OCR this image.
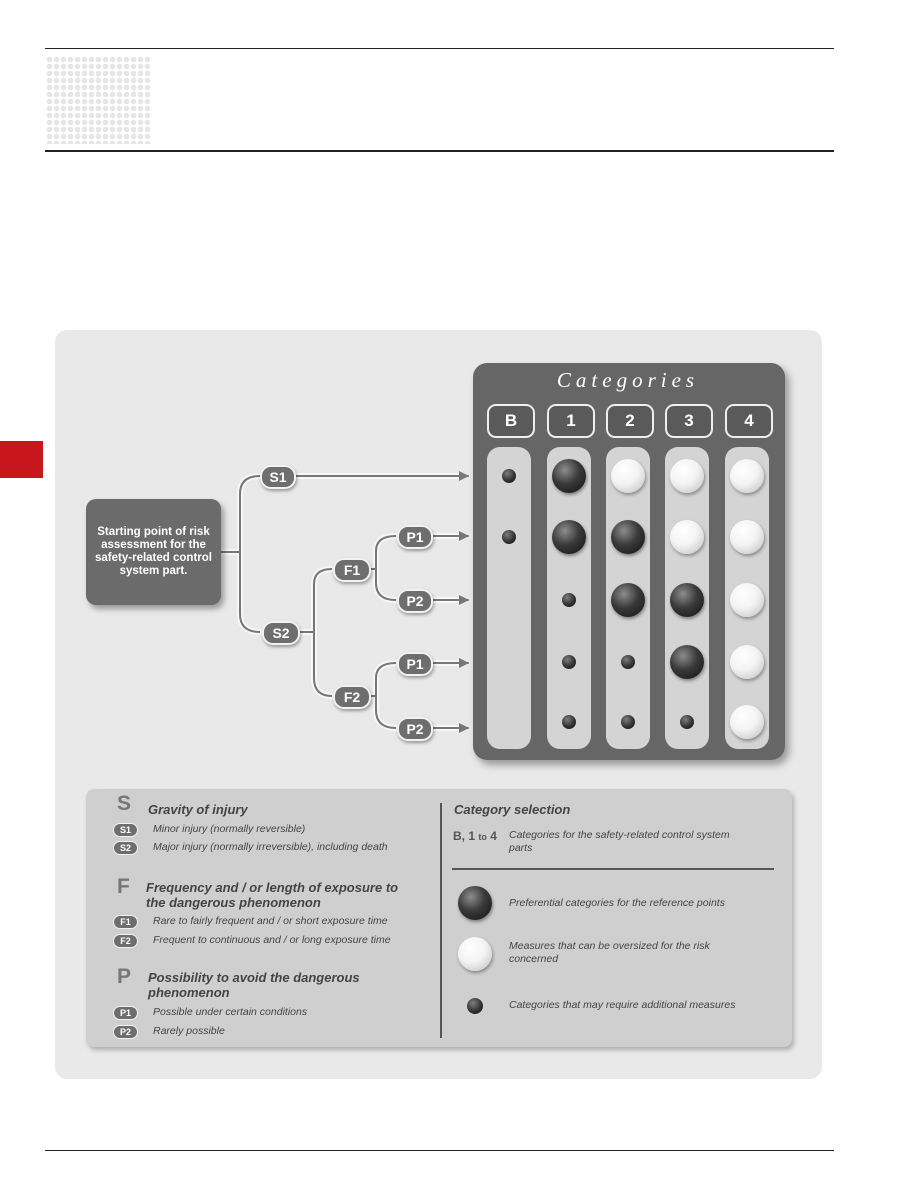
Starting point of risk assessment for the safety-related control system part.
S1
S2
F1
F2
P1
P2
P1
P2
Categories
B	1	2	3	4
S Gravity of injury
S1	Minor injury (normally reversible)
S2	Major injury (normally irreversible), including death
F Frequency and / or length of exposure to the dangerous phenomenon
F1	Rare to fairly frequent and / or short exposure time
F2	Frequent to continuous and / or long exposure time
P Possibility to avoid the dangerous phenomenon
P1	Possible under certain conditions
P2	Rarely possible
Category selection
B, 1 to 4 Categories for the safety-related control system parts
Preferential categories for the reference points
Measures that can be oversized for the risk concerned
Categories that may require additional measures
